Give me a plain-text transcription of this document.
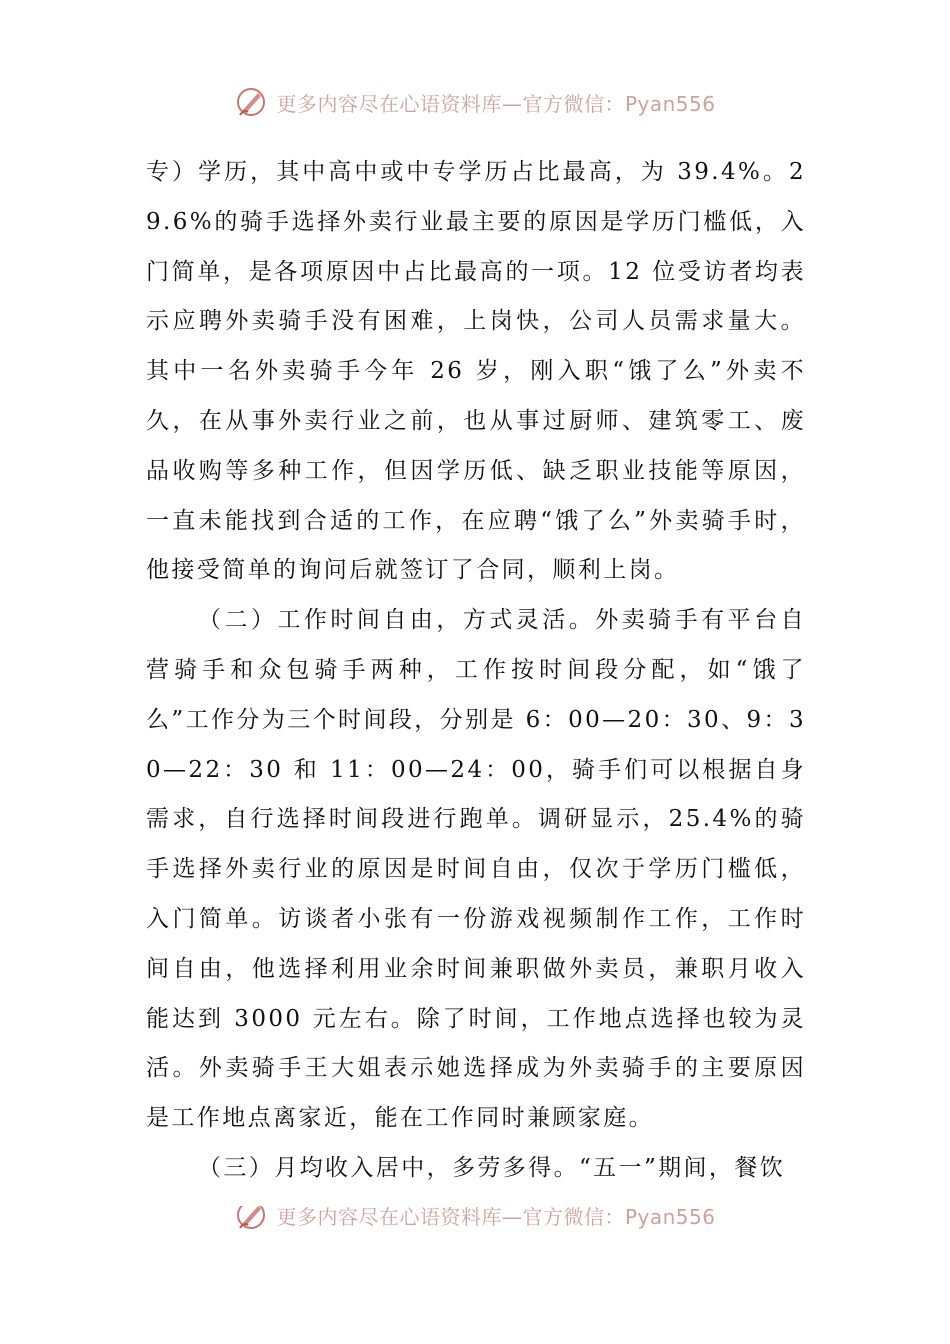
更多内容尽在心语资料库—官方微信：Pyan556

专）学历，其中高中或中专学历占比最高，为 39.4%。29.6%的骑手选择外卖行业最主要的原因是学历门槛低，入门简单，是各项原因中占比最高的一项。12 位受访者均表示应聘外卖骑手没有困难，上岗快，公司人员需求量大。其中一名外卖骑手今年 26 岁，刚入职“饿了么”外卖不久，在从事外卖行业之前，也从事过厨师、建筑零工、废品收购等多种工作，但因学历低、缺乏职业技能等原因，一直未能找到合适的工作，在应聘“饿了么”外卖骑手时，他接受简单的询问后就签订了合同，顺利上岗。

（二）工作时间自由，方式灵活。外卖骑手有平台自营骑手和众包骑手两种，工作按时间段分配，如“饿了么”工作分为三个时间段，分别是 6：00—20：30、9：30—22：30 和 11：00—24：00，骑手们可以根据自身需求，自行选择时间段进行跑单。调研显示，25.4%的骑手选择外卖行业的原因是时间自由，仅次于学历门槛低，入门简单。访谈者小张有一份游戏视频制作工作，工作时间自由，他选择利用业余时间兼职做外卖员，兼职月收入能达到 3000 元左右。除了时间，工作地点选择也较为灵活。外卖骑手王大姐表示她选择成为外卖骑手的主要原因是工作地点离家近，能在工作同时兼顾家庭。

（三）月均收入居中，多劳多得。“五一”期间，餐饮

更多内容尽在心语资料库—官方微信：Pyan556
